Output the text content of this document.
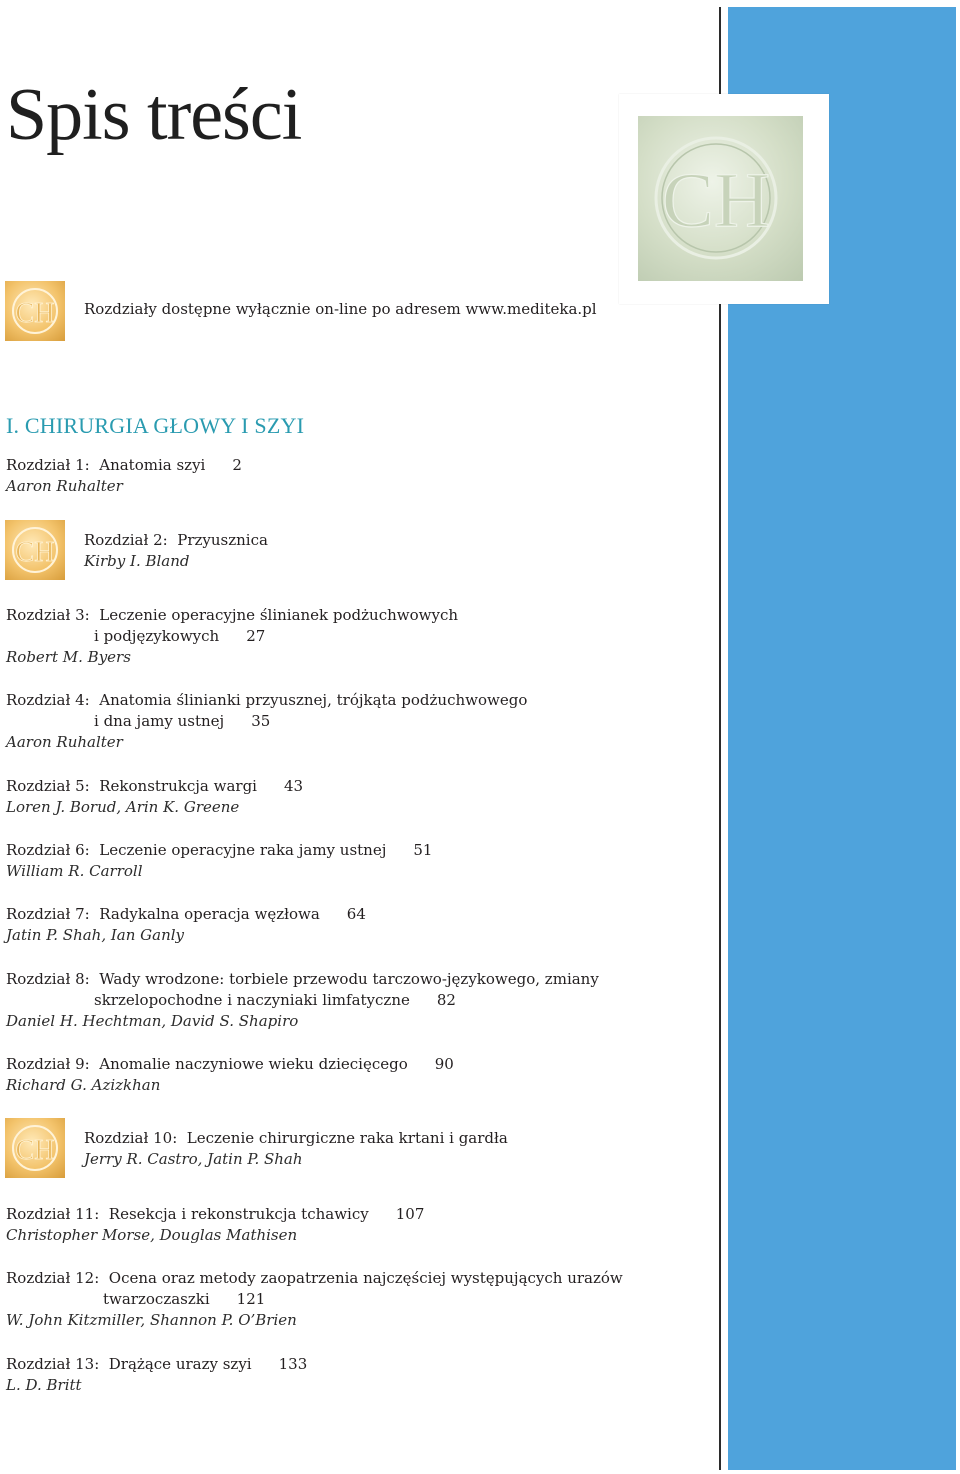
CH
Spis treści
CH
CH
CH
Rozdziały dostępne wyłącznie on-line po adresem www.mediteka.pl
I. CHIRURGIA GŁOWY I SZYI
Rozdział 1: Anatomia szyi 2
Aaron Ruhalter
Rozdział 2: Przyusznica
Kirby I. Bland
Rozdział 3: Leczenie operacyjne ślinianek podżuchwowych
i podjęzykowych 27
Robert M. Byers
Rozdział 4: Anatomia ślinianki przyusznej, trójkąta podżuchwowego
i dna jamy ustnej 35
Aaron Ruhalter
Rozdział 5: Rekonstrukcja wargi 43
Loren J. Borud, Arin K. Greene
Rozdział 6: Leczenie operacyjne raka jamy ustnej 51
William R. Carroll
Rozdział 7: Radykalna operacja węzłowa 64
Jatin P. Shah, Ian Ganly
Rozdział 8: Wady wrodzone: torbiele przewodu tarczowo-językowego, zmiany
skrzelopochodne i naczyniaki limfatyczne 82
Daniel H. Hechtman, David S. Shapiro
Rozdział 9: Anomalie naczyniowe wieku dziecięcego 90
Richard G. Azizkhan
Rozdział 10: Leczenie chirurgiczne raka krtani i gardła
Jerry R. Castro, Jatin P. Shah
Rozdział 11: Resekcja i rekonstrukcja tchawicy 107
Christopher Morse, Douglas Mathisen
Rozdział 12: Ocena oraz metody zaopatrzenia najczęściej występujących urazów
twarzoczaszki 121
W. John Kitzmiller, Shannon P. O’Brien
Rozdział 13: Drążące urazy szyi 133
L. D. Britt
